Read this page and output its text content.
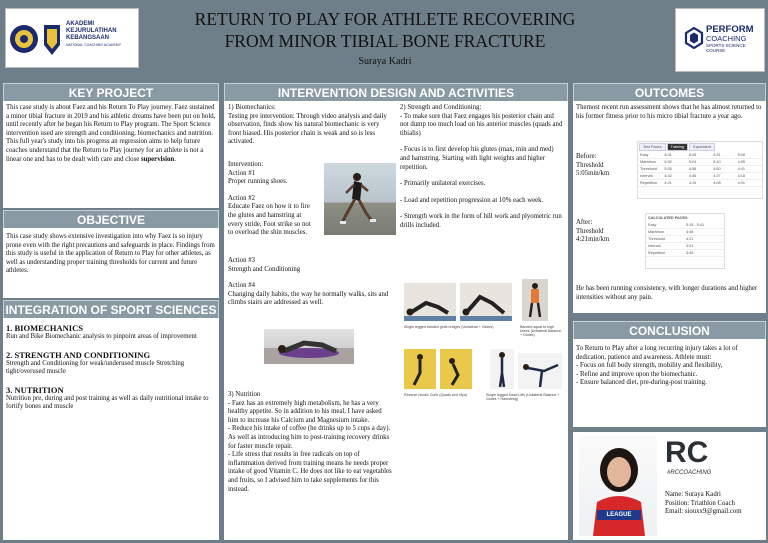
AKADEMI
KEJURULATIHAN
KEBANGSAAN
NATIONAL COACHING ACADEMY
RETURN TO PLAY FOR ATHLETE RECOVERING
FROM MINOR TIBIAL BONE FRACTURE
Suraya Kadri
PERFORM
COACHING
SPORTS SCIENCE
COURSE
KEY PROJECT
This case study is about Faez and his Return To Play journey. Faez sustained a minor tibial fracture in 2019 and his athletic dreams have been put on hold, until recently after he began his Return to Play program. The Sport Science intervention used are strength and conditioning, biomechanics and nutrition. This full year's study into his progress an regression aims to help future coaches understand that the Return to Play journey for an athlete is not a linear one and has to be dealt with care and close supervision.
OBJECTIVE
This case study shows extensive investigation into why Faez is so injury prone even with the right precautions and safeguards in place. Findings from this study is useful in the application of Return to Play for other athletes, as well as understanding proper training thresholds for current and future athletes.
INTEGRATION OF SPORT SCIENCES
1. BIOMECHANICS
Run and Bike Biomechanic analysis to pinpoint areas of improvement
2. STRENGTH AND CONDITIONING
Strength and Conditioning for weak/underused muscle Stretching tight/overused muscle
3. NUTRITION
Nutrition pre, during and post training as well as daily nutritional intake to fortify bones and muscle
INTERVENTION DESIGN AND ACTIVITIES
1) Biomechanics:
Testing pre intervention: Through video analysis and daily observation, finds show his natural biomechanic is very front biased. His posterior chain is weak and so is less activated.
Intervention:
Action #1
Proper running shoes.
Action #2
Educate Faez on how it to fire the glutes and hamstring at every stride. Foot strike so not to overload the shin muscles.
Action #3
Strength and Conditioning
Action #4
Changing daily habits, the way he normally walks, sits and climbs stairs are addressed as well.
3) Nutrition
- Faez has an extremely high metabolism, he has a very healthy appetite. So in addition to his meal, I have asked him to increase his Calcium and Magnesium intake.
- Reduce his intake of coffee (he drinks up to 5 cups a day). As well as introducing him to post-training recovery drinks for faster muscle repair.
- Life stress that results in free radicals on top of inflammation derived from training means he needs proper intake of good Vitamin C. He does not like to eat vegetables and fruits, so I advised him to take supplements for this instead.
2) Strength and Conditioning:
- To make sure that Faez engages his posterior chain and not dump too much load on his anterior muscles (quads and tibialis)
- Focus is to first develop his glutes (max, min and med) and hamstring. Starting with light weights and higher repetition.
- Primarily unilateral exercises.
- Load and repetition progression at 10% each week.
- Strength work in the form of hill work and plyometric run drills included.
Single legged banded glute bridges (Unilateral + Glutes)	Banded squat to high knees (Unilateral Balance + Glutes)
Reverse Nordic Curls (Quads and Hips)	Single legged Dead Lifts (Unilateral Balance + Glutes + Hamstring)
OUTCOMES
Themost recent run assessment shows that he has almost returned to his former fitness prior to his micro tibial fracture a year ago.
Before:
Threshold
5:05min/km
Test Paces Training Equivalent
Easy	6:01	5:45	5:31	5:08
Marathon	5:32	5:24	5:10	4:55
Threshold	5:05	4:58	4:50	4:41
Interval	4:42	4:36	4:27	4:18
Repetition	4:21	4:15	4:08	4:01
After:
Threshold
4:21min/km
CALCULATED PACES
Easy	5:15 - 5:41
Marathon	4:48
Threshold	4:21
Interval	4:01
Repetition	3:45
He has been running consistency, with longer durations and higher intensities without any pain.
CONCLUSION
To Return to Play after a long recurring injury takes a lot of dedication, patience and awareness. Athlete must:
- Focus on full body strength, mobility and flexibility,
- Refine and improve upon the biomechanic.
- Ensure balanced diet, pre-during-post training.
LEAGUE
RC
#RCCOACHING
Name: Suraya Kadri
Position: Triathlon Coach
Email: siouxx9@gmail.com
